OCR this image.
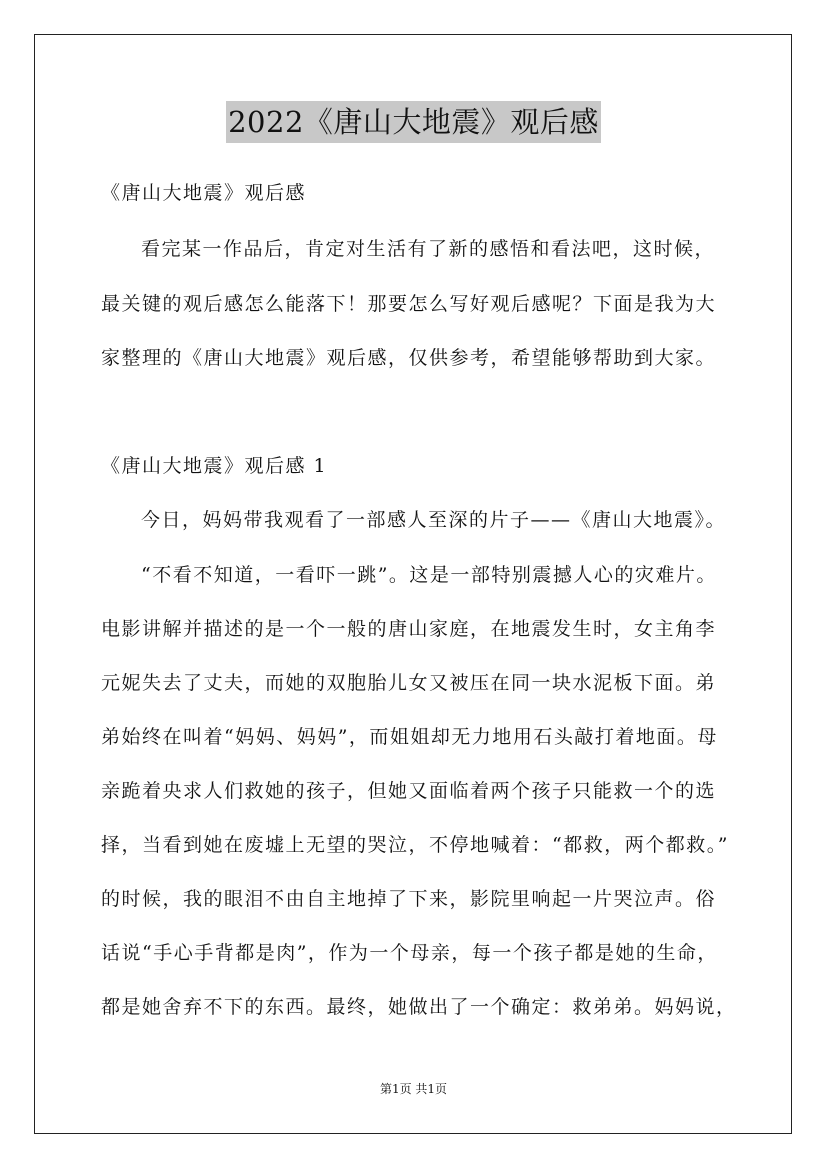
2022《唐山大地震》观后感
《唐山大地震》观后感
看完某一作品后，肯定对生活有了新的感悟和看法吧，这时候，
最关键的观后感怎么能落下！那要怎么写好观后感呢？下面是我为大
家整理的《唐山大地震》观后感，仅供参考，希望能够帮助到大家。
《唐山大地震》观后感 1
今日，妈妈带我观看了一部感人至深的片子——《唐山大地震》。
“不看不知道，一看吓一跳”。这是一部特别震撼人心的灾难片。
电影讲解并描述的是一个一般的唐山家庭，在地震发生时，女主角李
元妮失去了丈夫，而她的双胞胎儿女又被压在同一块水泥板下面。弟
弟始终在叫着“妈妈、妈妈”，而姐姐却无力地用石头敲打着地面。母
亲跪着央求人们救她的孩子，但她又面临着两个孩子只能救一个的选
择，当看到她在废墟上无望的哭泣，不停地喊着：“都救，两个都救。”
的时候，我的眼泪不由自主地掉了下来，影院里响起一片哭泣声。俗
话说“手心手背都是肉”，作为一个母亲，每一个孩子都是她的生命，
都是她舍弃不下的东西。最终，她做出了一个确定：救弟弟。妈妈说，
第1页 共1页
